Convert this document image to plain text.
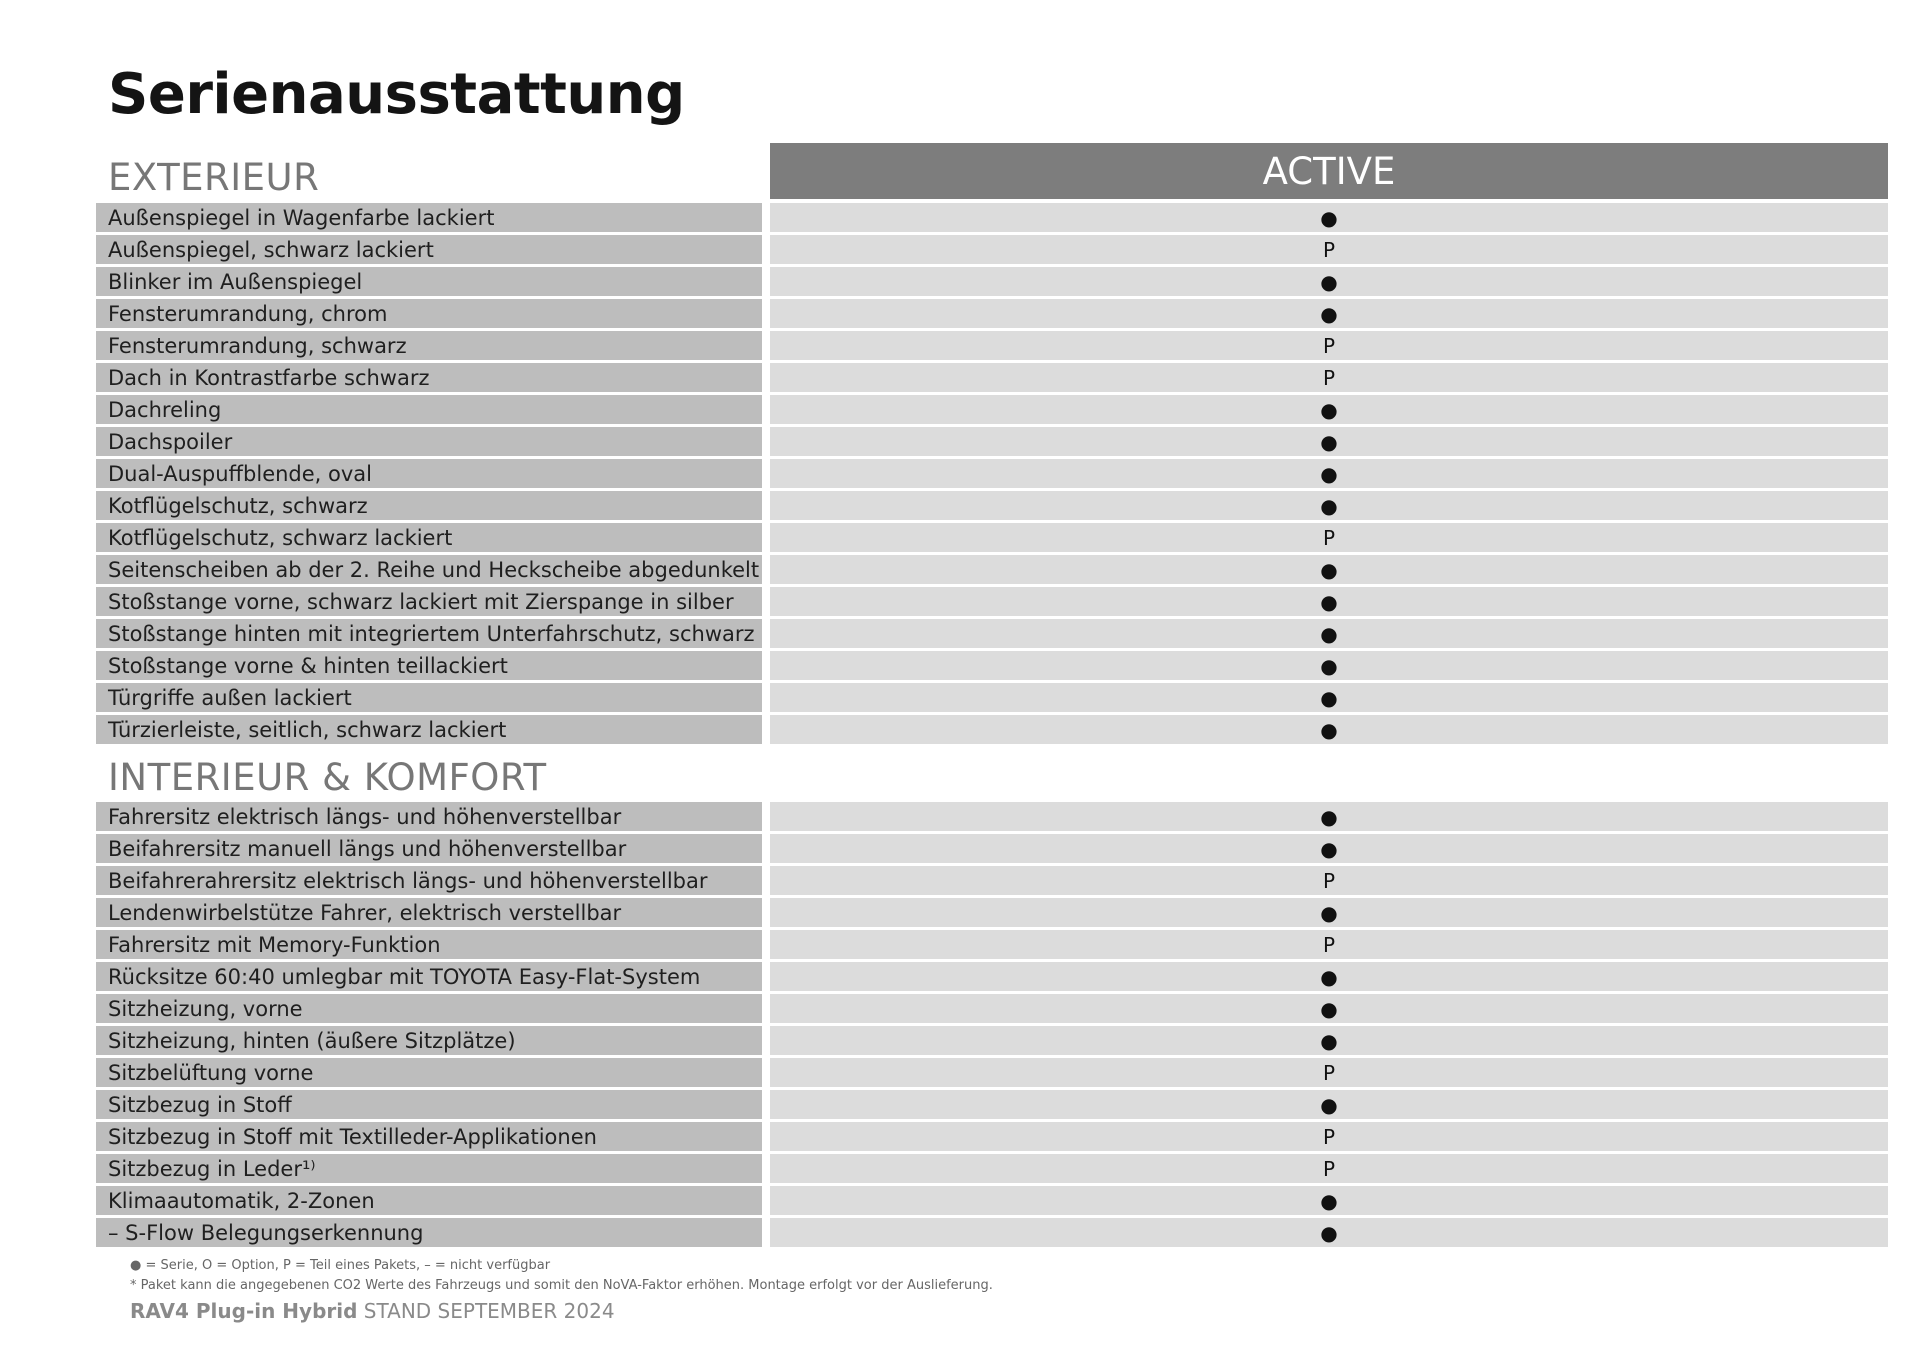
Serienausstattung
ACTIVE
EXTERIEUR
Außenspiegel in Wagenfarbe lackiert	●
Außenspiegel, schwarz lackiert	P
Blinker im Außenspiegel	●
Fensterumrandung, chrom	●
Fensterumrandung, schwarz	P
Dach in Kontrastfarbe schwarz	P
Dachreling	●
Dachspoiler	●
Dual-Auspuffblende, oval	●
Kotflügelschutz, schwarz	●
Kotflügelschutz, schwarz lackiert	P
Seitenscheiben ab der 2. Reihe und Heckscheibe abgedunkelt	●
Stoßstange vorne, schwarz lackiert mit Zierspange in silber	●
Stoßstange hinten mit integriertem Unterfahrschutz, schwarz	●
Stoßstange vorne & hinten teillackiert	●
Türgriffe außen lackiert	●
Türzierleiste, seitlich, schwarz lackiert	●
INTERIEUR & KOMFORT
Fahrersitz elektrisch längs- und höhenverstellbar	●
Beifahrersitz manuell längs und höhenverstellbar	●
Beifahrerahrersitz elektrisch längs- und höhenverstellbar	P
Lendenwirbelstütze Fahrer, elektrisch verstellbar	●
Fahrersitz mit Memory-Funktion	P
Rücksitze 60:40 umlegbar mit TOYOTA Easy-Flat-System	●
Sitzheizung, vorne	●
Sitzheizung, hinten (äußere Sitzplätze)	●
Sitzbelüftung vorne	P
Sitzbezug in Stoff	●
Sitzbezug in Stoff mit Textilleder-Applikationen	P
Sitzbezug in Leder¹⁾	P
Klimaautomatik, 2-Zonen	●
– S-Flow Belegungserkennung	●
● = Serie, O = Option, P = Teil eines Pakets, – = nicht verfügbar
* Paket kann die angegebenen CO2 Werte des Fahrzeugs und somit den NoVA-Faktor erhöhen. Montage erfolgt vor der Auslieferung.
RAV4 Plug-in Hybrid STAND SEPTEMBER 2024
